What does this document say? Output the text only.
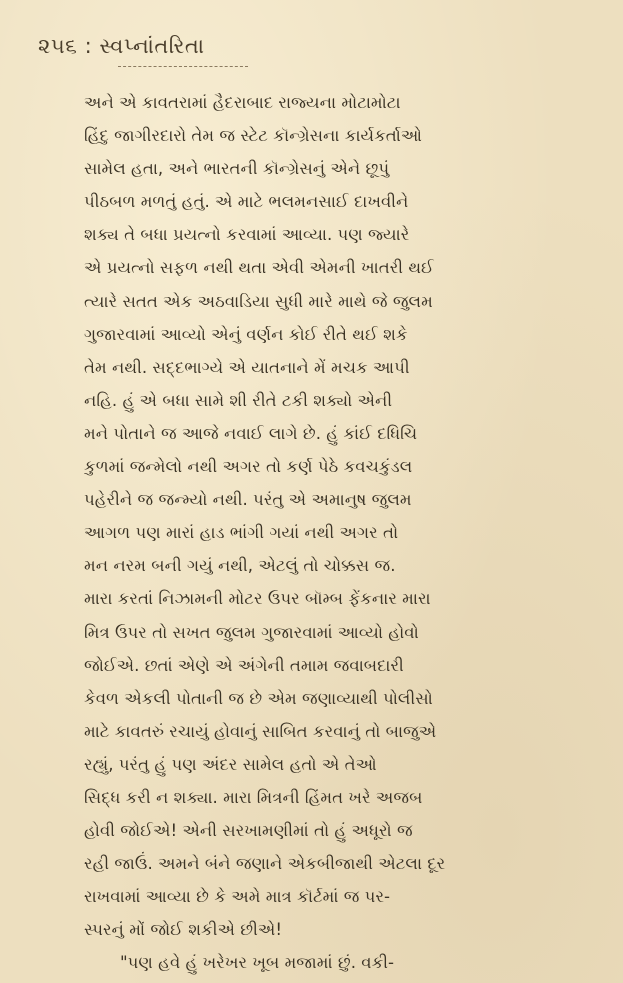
૨૫૬ : સ્વપ્નાંતરિતા
અને એ કાવતરામાં હૈદરાબાદ રાજ્યના મોટામોટા
હિંદુ જાગીરદારો તેમ જ સ્ટેટ કૉન્ગ્રેસના કાર્યકર્તાઓ
સામેલ હતા, અને ભારતની કૉન્ગ્રેસનું એને છૂપું
પીઠબળ મળતું હતું. એ માટે ભલમનસાઈ દાખવીને
શક્ય તે બધા પ્રયત્નો કરવામાં આવ્યા. પણ જ્યારે
એ પ્રયત્નો સફળ નથી થતા એવી એમની ખાતરી થઈ
ત્યારે સતત એક અઠવાડિયા સુધી મારે માથે જે જુલમ
ગુજારવામાં આવ્યો એનું વર્ણન કોઈ રીતે થઈ શકે
તેમ નથી. સદ્દભાગ્યે એ યાતનાને મેં મચક આપી
નહિ. હું એ બધા સામે શી રીતે ટકી શક્યો એની
મને પોતાને જ આજે નવાઈ લાગે છે. હું કાંઈ દધિચિ
કુળમાં જન્મેલો નથી અગર તો કર્ણ પેઠે કવચકુંડલ
પહેરીને જ જન્મ્યો નથી. પરંતુ એ અમાનુષ જુલમ
આગળ પણ મારાં હાડ ભાંગી ગયાં નથી અગર તો
મન નરમ બની ગયું નથી, એટલું તો ચોક્કસ જ.
મારા કરતાં નિઝામની મોટર ઉપર બૉમ્બ ફેંકનાર મારા
મિત્ર ઉપર તો સખત જુલમ ગુજારવામાં આવ્યો હોવો
જોઈએ. છતાં એણે એ અંગેની તમામ જવાબદારી
કેવળ એકલી પોતાની જ છે એમ જણાવ્યાથી પોલીસો
માટે કાવતરું રચાયું હોવાનું સાબિત કરવાનું તો બાજુએ
રહ્યું, પરંતુ હું પણ અંદર સામેલ હતો એ તેઓ
સિદ્ધ કરી ન શક્યા. મારા મિત્રની હિંમત ખરે અજબ
હોવી જોઈએ! એની સરખામણીમાં તો હું અધૂરો જ
રહી જાઉં. અમને બંને જણાને એકબીજાથી એટલા દૂર
રાખવામાં આવ્યા છે કે અમે માત્ર કૉર્ટમાં જ પર-
સ્પરનું મોં જોઈ શકીએ છીએ!
"પણ હવે હું ખરેખર ખૂબ મજામાં છું. વકી-
